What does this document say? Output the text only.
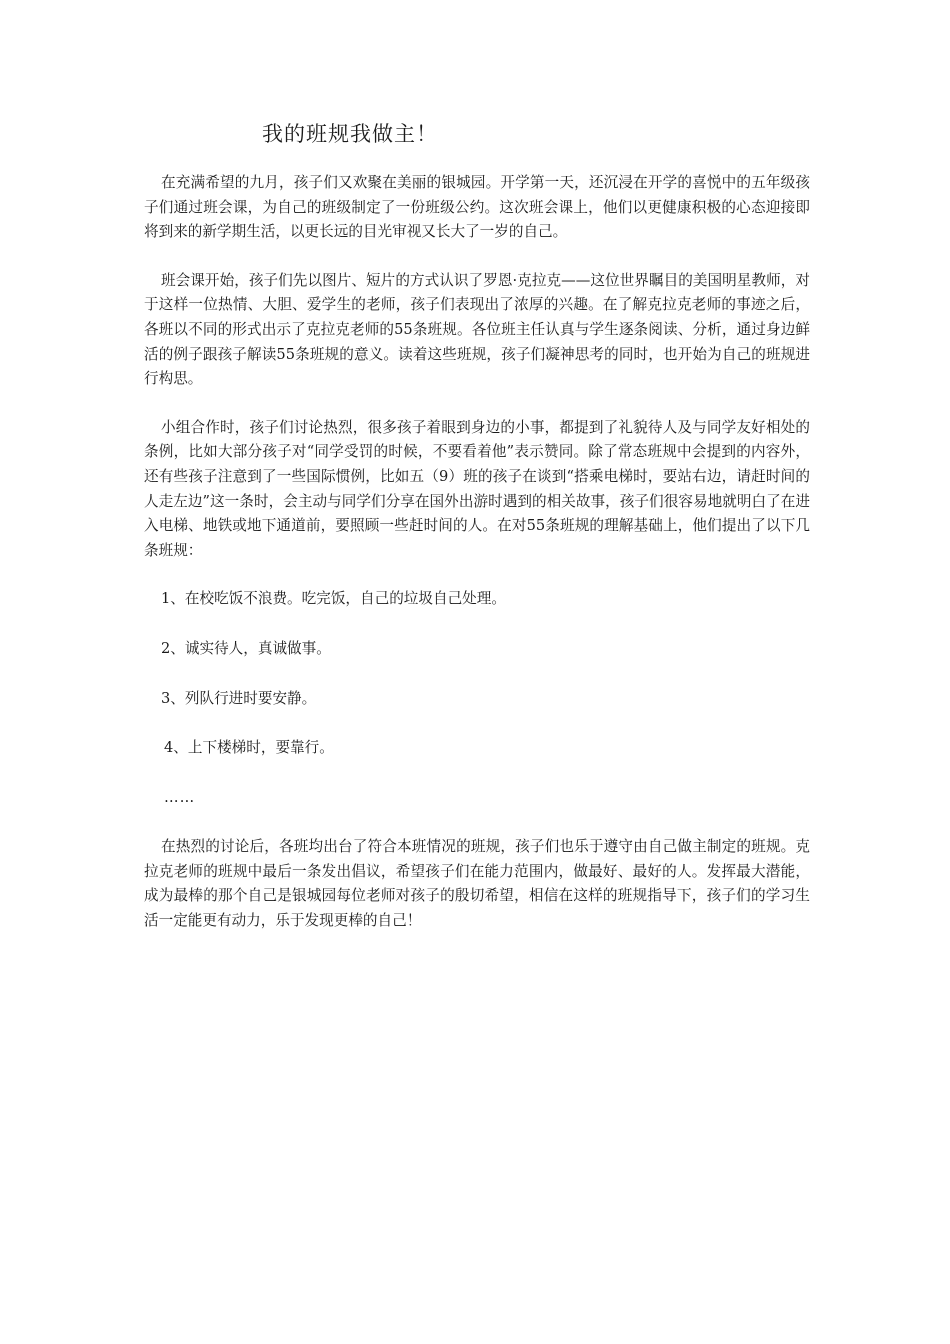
我的班规我做主！

在充满希望的九月，孩子们又欢聚在美丽的银城园。开学第一天，还沉浸在开学的喜悦中的五年级孩子们通过班会课，为自己的班级制定了一份班级公约。这次班会课上，他们以更健康积极的心态迎接即将到来的新学期生活，以更长远的目光审视又长大了一岁的自己。

班会课开始，孩子们先以图片、短片的方式认识了罗恩·克拉克——这位世界瞩目的美国明星教师，对于这样一位热情、大胆、爱学生的老师，孩子们表现出了浓厚的兴趣。在了解克拉克老师的事迹之后，各班以不同的形式出示了克拉克老师的55条班规。各位班主任认真与学生逐条阅读、分析，通过身边鲜活的例子跟孩子解读55条班规的意义。读着这些班规，孩子们凝神思考的同时，也开始为自己的班规进行构思。

小组合作时，孩子们讨论热烈，很多孩子着眼到身边的小事，都提到了礼貌待人及与同学友好相处的条例，比如大部分孩子对“同学受罚的时候，不要看着他”表示赞同。除了常态班规中会提到的内容外，还有些孩子注意到了一些国际惯例，比如五（9）班的孩子在谈到“搭乘电梯时，要站右边，请赶时间的人走左边”这一条时，会主动与同学们分享在国外出游时遇到的相关故事，孩子们很容易地就明白了在进入电梯、地铁或地下通道前，要照顾一些赶时间的人。在对55条班规的理解基础上，他们提出了以下几条班规：

1、在校吃饭不浪费。吃完饭，自己的垃圾自己处理。
2、诚实待人，真诚做事。
3、列队行进时要安静。
4、上下楼梯时，要靠行。
……

在热烈的讨论后，各班均出台了符合本班情况的班规，孩子们也乐于遵守由自己做主制定的班规。克拉克老师的班规中最后一条发出倡议，希望孩子们在能力范围内，做最好、最好的人。发挥最大潜能，成为最棒的那个自己是银城园每位老师对孩子的殷切希望，相信在这样的班规指导下，孩子们的学习生活一定能更有动力，乐于发现更棒的自己！
